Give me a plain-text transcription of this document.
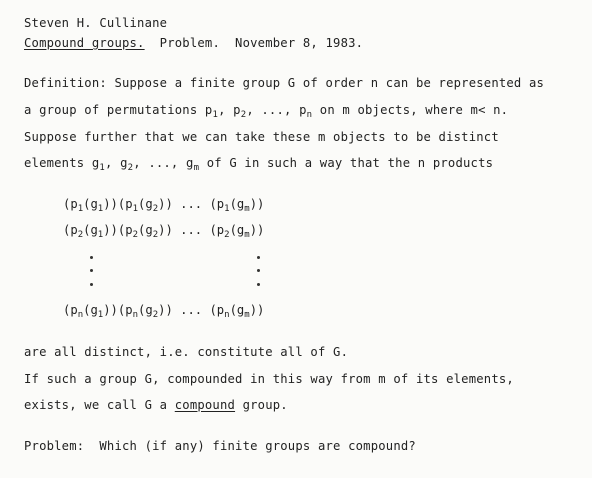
Steven H. Cullinane
Compound groups.  Problem.  November 8, 1983.
Definition: Suppose a finite group G of order n can be represented as
a group of permutations $p_1$, $p_2$, ..., $p_n$ on m objects, where m< n.
Suppose further that we can take these m objects to be distinct
elements $g_1$, $g_2$, ..., $g_m$ of G in such a way that the n products
$(p_1(g_1))(p_1(g_2))$ ... $(p_1(g_m))$
$(p_2(g_1))(p_2(g_2))$ ... $(p_2(g_m))$
$(p_n(g_1))(p_n(g_2))$ ... $(p_n(g_m))$
are all distinct, i.e. constitute all of G.
If such a group G, compounded in this way from m of its elements,
exists, we call G a compound group.
Problem:  Which (if any) finite groups are compound?
